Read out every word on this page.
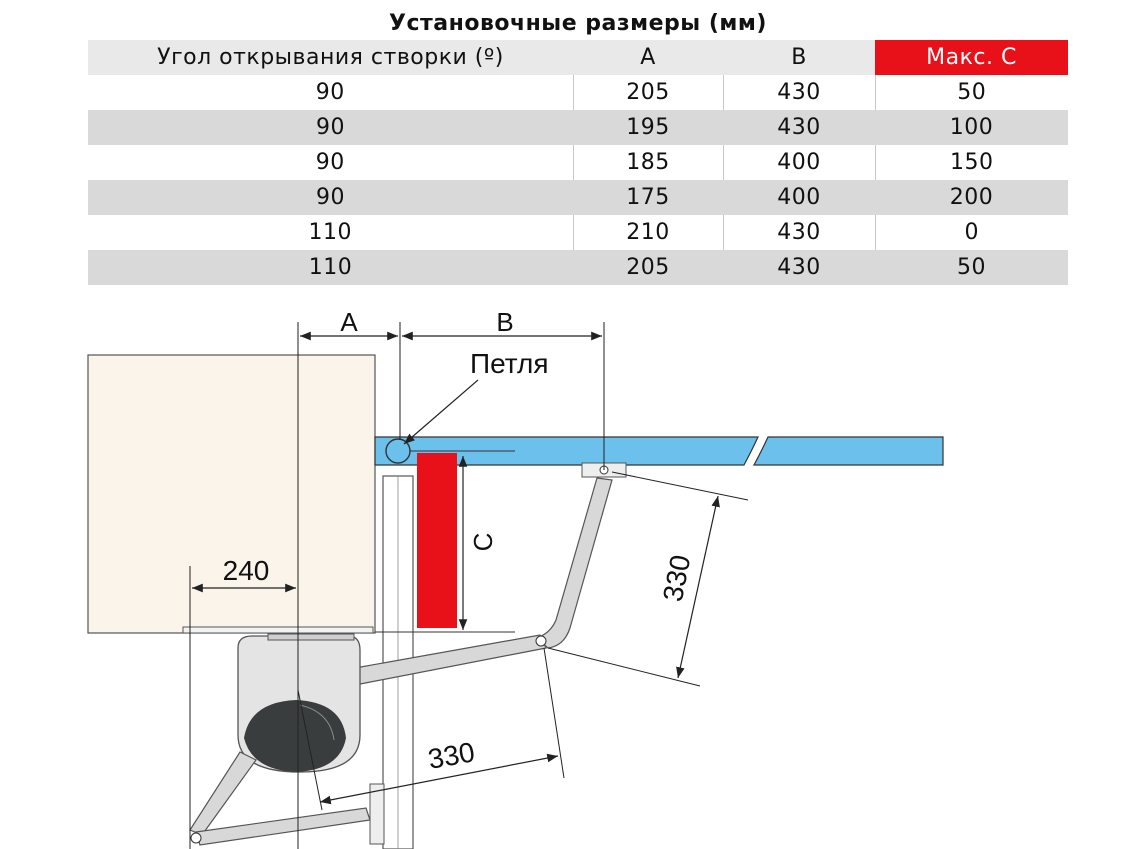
Установочные размеры (мм)			
Угол открывания створки (º)	A	B	Макс. C
90	205	430	50
90	195	430	100
90	185	400	150
90	175	400	200
110	210	430	0
110	205	430	50
A	B
Петля
C
240	330
330
